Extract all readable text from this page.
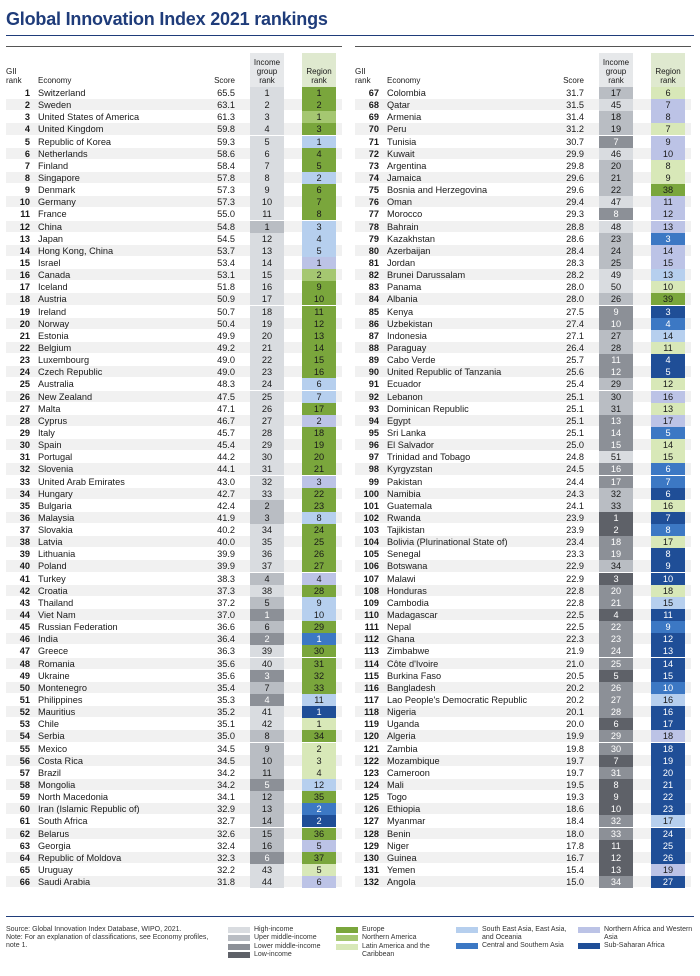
Global Innovation Index 2021 rankings
GII rank	Economy	Score
Income group rank
Region rank
1 Switzerland	65.5	1	1
2 Sweden	63.1	2	2
3 United States of America	61.3	3	1
4 United Kingdom	59.8	4	3
5 Republic of Korea	59.3	5	1
6 Netherlands	58.6	6	4
7 Finland	58.4	7	5
8 Singapore	57.8	8	2
9 Denmark	57.3	9	6
10 Germany	57.3	10	7
11 France	55.0	11	8
12 China	54.8	1	3
13 Japan	54.5	12	4
14 Hong Kong, China	53.7	13	5
15 Israel	53.4	14	1
16 Canada	53.1	15	2
17 Iceland	51.8	16	9
18 Austria	50.9	17	10
19 Ireland	50.7	18	11
20 Norway	50.4	19	12
21 Estonia	49.9	20	13
22 Belgium	49.2	21	14
23 Luxembourg	49.0	22	15
24 Czech Republic	49.0	23	16
25 Australia	48.3	24	6
26 New Zealand	47.5	25	7
27 Malta	47.1	26	17
28 Cyprus	46.7	27	2
29 Italy	45.7	28	18
30 Spain	45.4	29	19
31 Portugal	44.2	30	20
32 Slovenia	44.1	31	21
33 United Arab Emirates	43.0	32	3
34 Hungary	42.7	33	22
35 Bulgaria	42.4	2	23
36 Malaysia	41.9	3	8
37 Slovakia	40.2	34	24
38 Latvia	40.0	35	25
39 Lithuania	39.9	36	26
40 Poland	39.9	37	27
41 Turkey	38.3	4	4
42 Croatia	37.3	38	28
43 Thailand	37.2	5	9
44 Viet Nam	37.0	1	10
45 Russian Federation	36.6	6	29
46 India	36.4	2	1
47 Greece	36.3	39	30
48 Romania	35.6	40	31
49 Ukraine	35.6	3	32
50 Montenegro	35.4	7	33
51 Philippines	35.3	4	11
52 Mauritius	35.2	41	1
53 Chile	35.1	42	1
54 Serbia	35.0	8	34
55 Mexico	34.5	9	2
56 Costa Rica	34.5	10	3
57 Brazil	34.2	11	4
58 Mongolia	34.2	5	12
59 North Macedonia	34.1	12	35
60 Iran (Islamic Republic of)	32.9	13	2
61 South Africa	32.7	14	2
62 Belarus	32.6	15	36
63 Georgia	32.4	16	5
64 Republic of Moldova	32.3	6	37
65 Uruguay	32.2	43	5
66 Saudi Arabia	31.8	44	6
GII rank	Economy	Score
Income group rank
Region rank
67 Colombia	31.7	17	6
68 Qatar	31.5	45	7
69 Armenia	31.4	18	8
70 Peru	31.2	19	7
71 Tunisia	30.7	7	9
72 Kuwait	29.9	46	10
73 Argentina	29.8	20	8
74 Jamaica	29.6	21	9
75 Bosnia and Herzegovina	29.6	22	38
76 Oman	29.4	47	11
77 Morocco	29.3	8	12
78 Bahrain	28.8	48	13
79 Kazakhstan	28.6	23	3
80 Azerbaijan	28.4	24	14
81 Jordan	28.3	25	15
82 Brunei Darussalam	28.2	49	13
83 Panama	28.0	50	10
84 Albania	28.0	26	39
85 Kenya	27.5	9	3
86 Uzbekistan	27.4	10	4
87 Indonesia	27.1	27	14
88 Paraguay	26.4	28	11
89 Cabo Verde	25.7	11	4
90 United Republic of Tanzania	25.6	12	5
91 Ecuador	25.4	29	12
92 Lebanon	25.1	30	16
93 Dominican Republic	25.1	31	13
94 Egypt	25.1	13	17
95 Sri Lanka	25.1	14	5
96 El Salvador	25.0	15	14
97 Trinidad and Tobago	24.8	51	15
98 Kyrgyzstan	24.5	16	6
99 Pakistan	24.4	17	7
100 Namibia	24.3	32	6
101 Guatemala	24.1	33	16
102 Rwanda	23.9	1	7
103 Tajikistan	23.9	2	8
104 Bolivia (Plurinational State of)	23.4	18	17
105 Senegal	23.3	19	8
106 Botswana	22.9	34	9
107 Malawi	22.9	3	10
108 Honduras	22.8	20	18
109 Cambodia	22.8	21	15
110 Madagascar	22.5	4	11
111 Nepal	22.5	22	9
112 Ghana	22.3	23	12
113 Zimbabwe	21.9	24	13
114 Côte d'Ivoire	21.0	25	14
115 Burkina Faso	20.5	5	15
116 Bangladesh	20.2	26	10
117 Lao People's Democratic Republic	20.2	27	16
118 Nigeria	20.1	28	16
119 Uganda	20.0	6	17
120 Algeria	19.9	29	18
121 Zambia	19.8	30	18
122 Mozambique	19.7	7	19
123 Cameroon	19.7	31	20
124 Mali	19.5	8	21
125 Togo	19.3	9	22
126 Ethiopia	18.6	10	23
127 Myanmar	18.4	32	17
128 Benin	18.0	33	24
129 Niger	17.8	11	25
130 Guinea	16.7	12	26
131 Yemen	15.4	13	19
132 Angola	15.0	34	27
Source: Global Innovation Index Database, WIPO, 2021.
Note: For an explanation of classifications, see Economy profiles, note 1.
High-income
Uper middle-income
Lower middle-income
Low-income
Europe
Northern America
Latin America and the Caribbean
South East Asia, East Asia, and Oceania
Central and Southern Asia
Northern Africa and Western Asia
Sub-Saharan Africa
